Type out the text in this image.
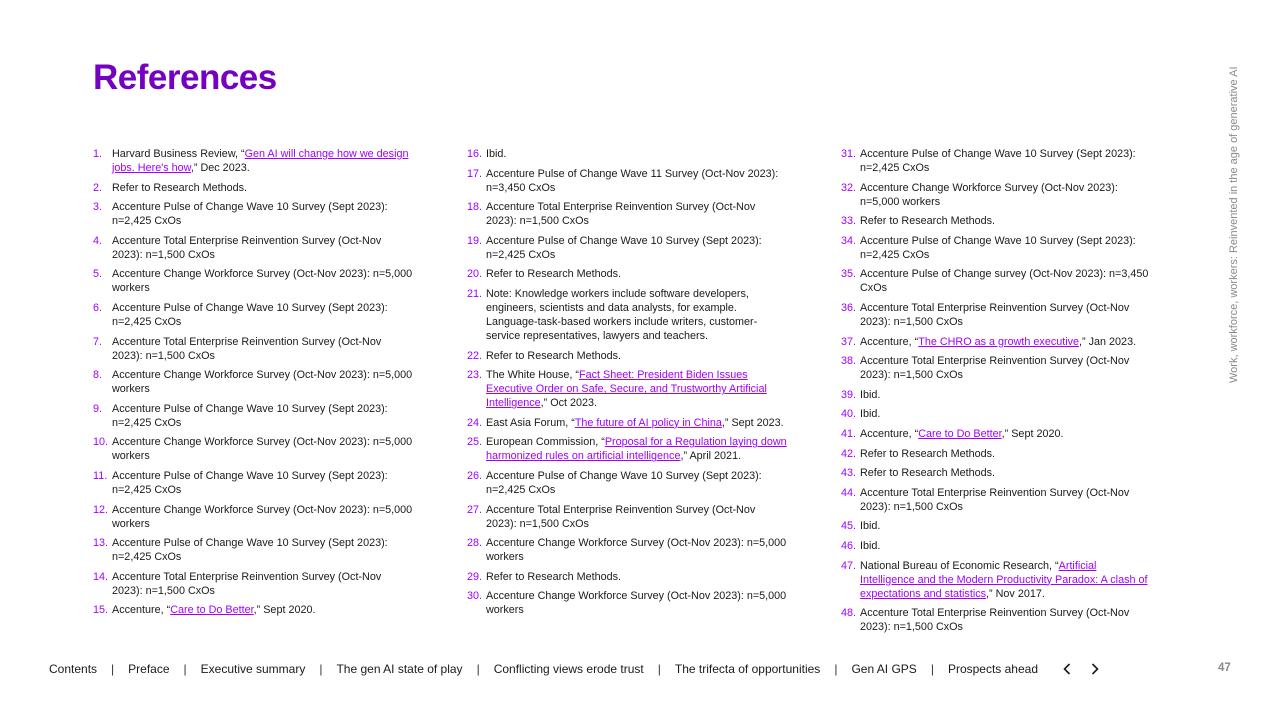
References
1. Harvard Business Review, “Gen AI will change how we design jobs. Here's how,” Dec 2023.
2. Refer to Research Methods.
3. Accenture Pulse of Change Wave 10 Survey (Sept 2023): n=2,425 CxOs
4. Accenture Total Enterprise Reinvention Survey (Oct-Nov 2023): n=1,500 CxOs
5. Accenture Change Workforce Survey (Oct-Nov 2023): n=5,000 workers
6. Accenture Pulse of Change Wave 10 Survey (Sept 2023): n=2,425 CxOs
7. Accenture Total Enterprise Reinvention Survey (Oct-Nov 2023): n=1,500 CxOs
8. Accenture Change Workforce Survey (Oct-Nov 2023): n=5,000 workers
9. Accenture Pulse of Change Wave 10 Survey (Sept 2023): n=2,425 CxOs
10. Accenture Change Workforce Survey (Oct-Nov 2023): n=5,000 workers
11. Accenture Pulse of Change Wave 10 Survey (Sept 2023): n=2,425 CxOs
12. Accenture Change Workforce Survey (Oct-Nov 2023): n=5,000 workers
13. Accenture Pulse of Change Wave 10 Survey (Sept 2023): n=2,425 CxOs
14. Accenture Total Enterprise Reinvention Survey (Oct-Nov 2023): n=1,500 CxOs
15. Accenture, “Care to Do Better,” Sept 2020.
16. Ibid.
17. Accenture Pulse of Change Wave 11 Survey (Oct-Nov 2023): n=3,450 CxOs
18. Accenture Total Enterprise Reinvention Survey (Oct-Nov 2023): n=1,500 CxOs
19. Accenture Pulse of Change Wave 10 Survey (Sept 2023): n=2,425 CxOs
20. Refer to Research Methods.
21. Note: Knowledge workers include software developers, engineers, scientists and data analysts, for example. Language-task-based workers include writers, customer-service representatives, lawyers and teachers.
22. Refer to Research Methods.
23. The White House, “Fact Sheet: President Biden Issues Executive Order on Safe, Secure, and Trustworthy Artificial Intelligence,” Oct 2023.
24. East Asia Forum, “The future of AI policy in China,” Sept 2023.
25. European Commission, “Proposal for a Regulation laying down harmonized rules on artificial intelligence,” April 2021.
26. Accenture Pulse of Change Wave 10 Survey (Sept 2023): n=2,425 CxOs
27. Accenture Total Enterprise Reinvention Survey (Oct-Nov 2023): n=1,500 CxOs
28. Accenture Change Workforce Survey (Oct-Nov 2023): n=5,000 workers
29. Refer to Research Methods.
30. Accenture Change Workforce Survey (Oct-Nov 2023): n=5,000 workers
31. Accenture Pulse of Change Wave 10 Survey (Sept 2023): n=2,425 CxOs
32. Accenture Change Workforce Survey (Oct-Nov 2023): n=5,000 workers
33. Refer to Research Methods.
34. Accenture Pulse of Change Wave 10 Survey (Sept 2023): n=2,425 CxOs
35. Accenture Pulse of Change survey (Oct-Nov 2023): n=3,450 CxOs
36. Accenture Total Enterprise Reinvention Survey (Oct-Nov 2023): n=1,500 CxOs
37. Accenture, “The CHRO as a growth executive,” Jan 2023.
38. Accenture Total Enterprise Reinvention Survey (Oct-Nov 2023): n=1,500 CxOs
39. Ibid.
40. Ibid.
41. Accenture, “Care to Do Better,” Sept 2020.
42. Refer to Research Methods.
43. Refer to Research Methods.
44. Accenture Total Enterprise Reinvention Survey (Oct-Nov 2023): n=1,500 CxOs
45. Ibid.
46. Ibid.
47. National Bureau of Economic Research, “Artificial Intelligence and the Modern Productivity Paradox: A clash of expectations and statistics,” Nov 2017.
48. Accenture Total Enterprise Reinvention Survey (Oct-Nov 2023): n=1,500 CxOs
Work, workforce, workers: Reinvented in the age of generative AI
Contents | Preface | Executive summary | The gen AI state of play | Conflicting views erode trust | The trifecta of opportunities | Gen AI GPS | Prospects ahead	47
